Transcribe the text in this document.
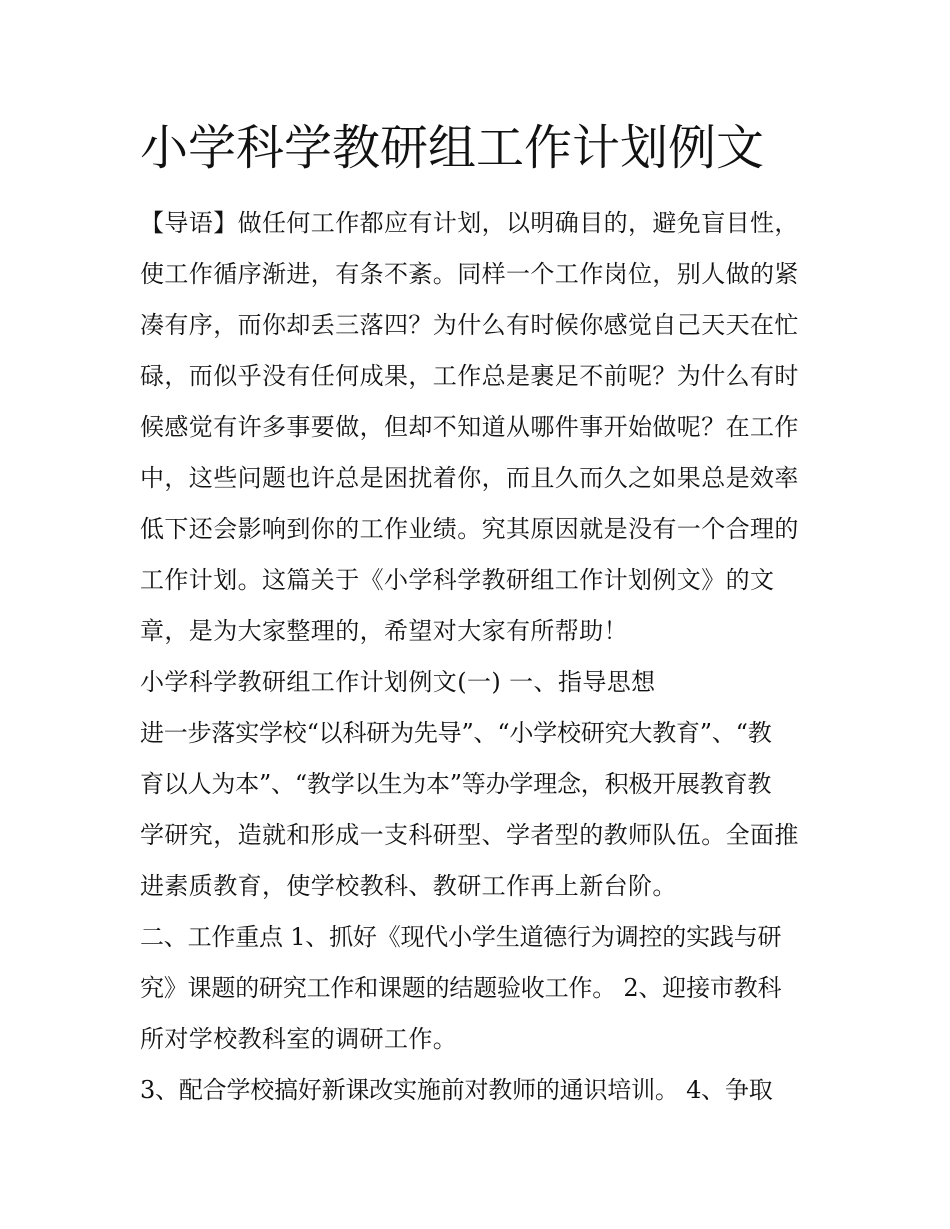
小学科学教研组工作计划例文
【导语】做任何工作都应有计划，以明确目的，避免盲目性，
使工作循序渐进，有条不紊。同样一个工作岗位，别人做的紧
凑有序，而你却丢三落四？为什么有时候你感觉自己天天在忙
碌，而似乎没有任何成果，工作总是裹足不前呢？为什么有时
候感觉有许多事要做，但却不知道从哪件事开始做呢？在工作
中，这些问题也许总是困扰着你，而且久而久之如果总是效率
低下还会影响到你的工作业绩。究其原因就是没有一个合理的
工作计划。这篇关于《小学科学教研组工作计划例文》的文
章，是为大家整理的，希望对大家有所帮助！
小学科学教研组工作计划例文(一) 一、指导思想
进一步落实学校“以科研为先导”、“小学校研究大教育”、“教
育以人为本”、“教学以生为本”等办学理念，积极开展教育教
学研究，造就和形成一支科研型、学者型的教师队伍。全面推
进素质教育，使学校教科、教研工作再上新台阶。
二、工作重点 1、抓好《现代小学生道德行为调控的实践与研
究》课题的研究工作和课题的结题验收工作。 2、迎接市教科
所对学校教科室的调研工作。
3、配合学校搞好新课改实施前对教师的通识培训。 4、争取
